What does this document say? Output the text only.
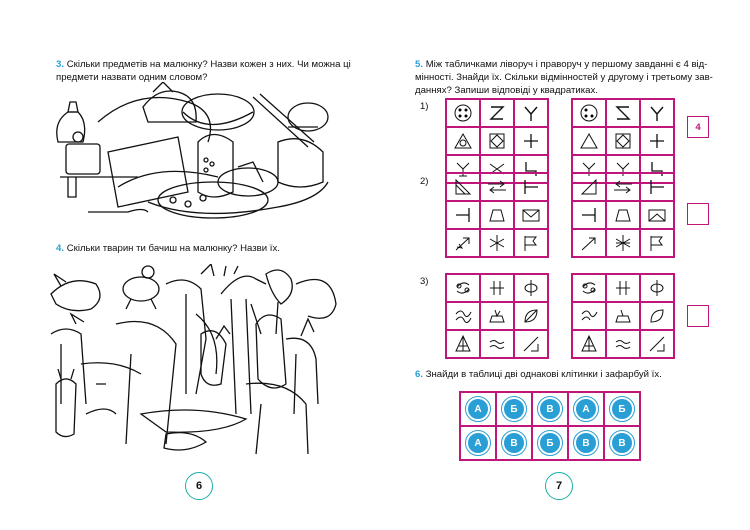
3. Скільки предметів на малюнку? Назви кожен з них. Чи можна ці
предмети назвати одним словом?
4. Скільки тварин ти бачиш на малюнку? Назви їх.
6
5. Між табличками ліворуч і праворуч у першому завданні є 4 від-
мінності. Знайди їх. Скільки відмінностей у другому і третьому зав-
даннях? Запиши відповіді у квадратиках.
1)
4
2)
3)
6. Знайди в таблиці дві однакові клітинки і зафарбуй їх.
А	Б	В	А	Б
А	В	Б	В	В
7
